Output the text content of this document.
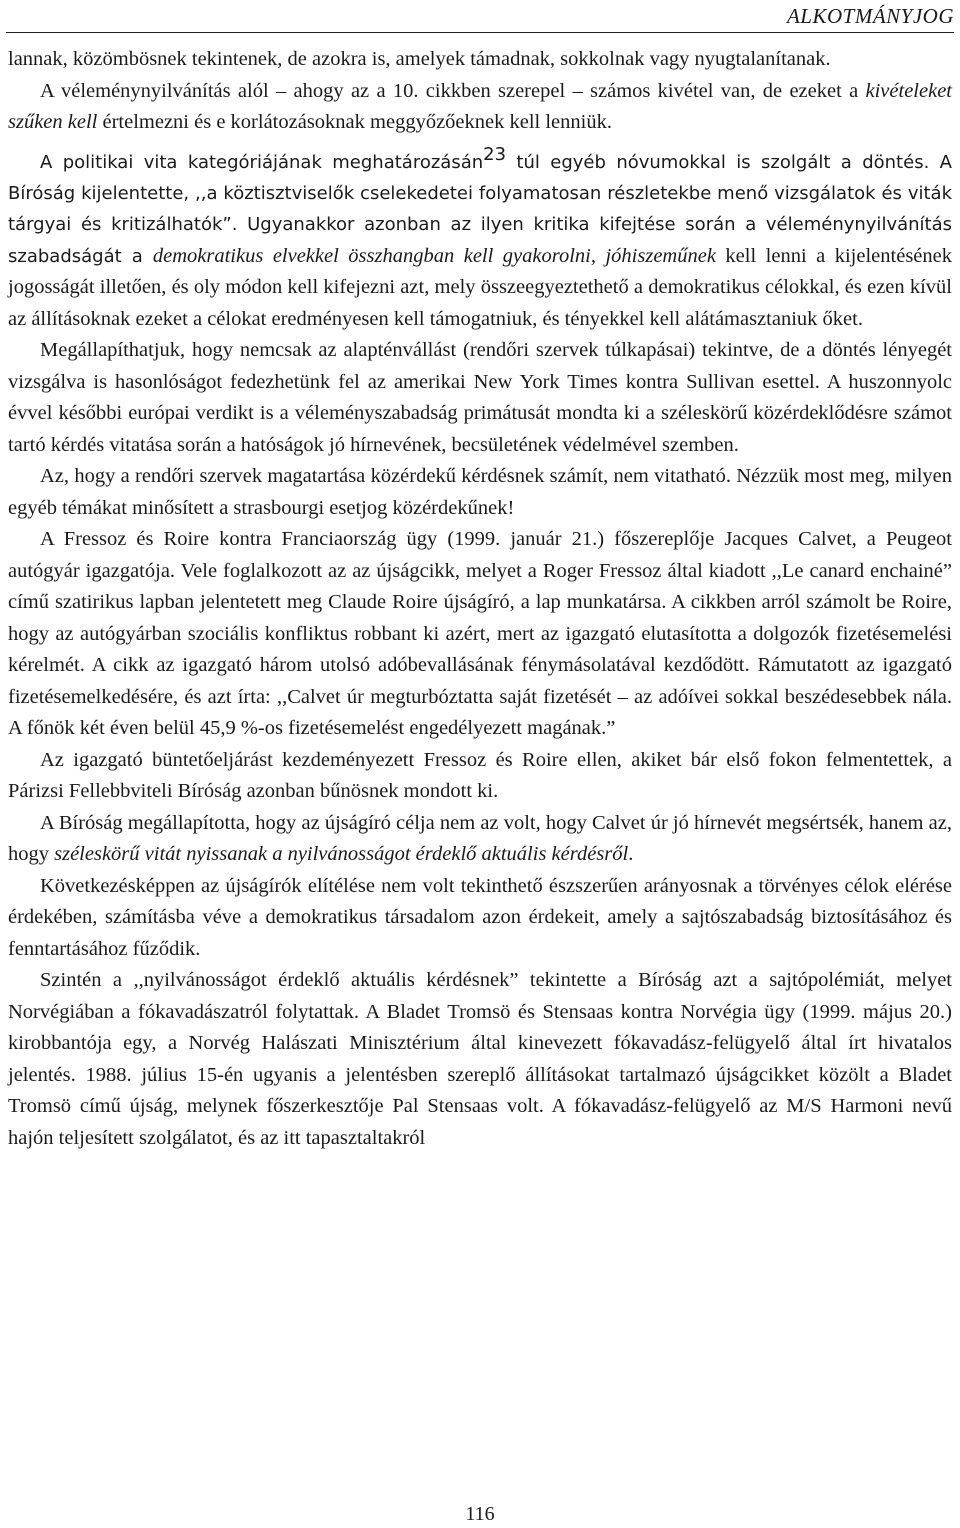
ALKOTMÁNYJOG

lannak, közömbösnek tekintenek, de azokra is, amelyek támadnak, sokkolnak vagy nyugtalanítanak.

A véleménynyilvánítás alól – ahogy az a 10. cikkben szerepel – számos kivétel van, de ezeket a kivételeket szűken kell értelmezni és e korlátozásoknak meggyőzőeknek kell lenniük.

A politikai vita kategóriájának meghatározásán$^{23}$ túl egyéb nóvumokkal is szolgált a döntés. A Bíróság kijelentette, ,,a köztisztviselők cselekedetei folyamatosan részletekbe menő vizsgálatok és viták tárgyai és kritizálhatók”. Ugyanakkor azonban az ilyen kritika kifejtése során a véleménynyilvánítás szabadságát a demokratikus elvekkel összhangban kell gyakorolni, jóhiszeműnek kell lenni a kijelentésének jogosságát illetően, és oly módon kell kifejezni azt, mely összeegyeztethető a demokratikus célokkal, és ezen kívül az állításoknak ezeket a célokat eredményesen kell támogatniuk, és tényekkel kell alátámasztaniuk őket.

Megállapíthatjuk, hogy nemcsak az alapténvállást (rendőri szervek túlkapásai) tekintve, de a döntés lényegét vizsgálva is hasonlóságot fedezhetünk fel az amerikai New York Times kontra Sullivan esettel. A huszonnyolc évvel későbbi európai verdikt is a véleményszabadság primátusát mondta ki a széleskörű közérdeklődésre számot tartó kérdés vitatása során a hatóságok jó hírnevének, becsületének védelmével szemben.

Az, hogy a rendőri szervek magatartása közérdekű kérdésnek számít, nem vitatható. Nézzük most meg, milyen egyéb témákat minősített a strasbourgi esetjog közérdekűnek!

A Fressoz és Roire kontra Franciaország ügy (1999. január 21.) főszereplője Jacques Calvet, a Peugeot autógyár igazgatója. Vele foglalkozott az az újságcikk, melyet a Roger Fressoz által kiadott ,,Le canard enchainé” című szatirikus lapban jelentetett meg Claude Roire újságíró, a lap munkatársa. A cikkben arról számolt be Roire, hogy az autógyárban szociális konfliktus robbant ki azért, mert az igazgató elutasította a dolgozók fizetésemelési kérelmét. A cikk az igazgató három utolsó adóbevallásának fénymásolatával kezdődött. Rámutatott az igazgató fizetésemelkedésére, és azt írta: ,,Calvet úr megturbóztatta saját fizetését – az adóívei sokkal beszédesebbek nála. A főnök két éven belül 45,9 %-os fizetésemelést engedélyezett magának.”

Az igazgató büntetőeljárást kezdeményezett Fressoz és Roire ellen, akiket bár első fokon felmentettek, a Párizsi Fellebbviteli Bíróság azonban bűnösnek mondott ki.

A Bíróság megállapította, hogy az újságíró célja nem az volt, hogy Calvet úr jó hírnevét megsértsék, hanem az, hogy széleskörű vitát nyissanak a nyilvánosságot érdeklő aktuális kérdésről.

Következésképpen az újságírók elítélése nem volt tekinthető észszerűen arányosnak a törvényes célok elérése érdekében, számításba véve a demokratikus társadalom azon érdekeit, amely a sajtószabadság biztosításához és fenntartásához fűződik.

Szintén a ,,nyilvánosságot érdeklő aktuális kérdésnek” tekintette a Bíróság azt a sajtópolémiát, melyet Norvégiában a fókavadászatról folytattak. A Bladet Tromsö és Stensaas kontra Norvégia ügy (1999. május 20.) kirobbantója egy, a Norvég Halászati Minisztérium által kinevezett fókavadász-felügyelő által írt hivatalos jelentés. 1988. július 15-én ugyanis a jelentésben szereplő állításokat tartalmazó újságcikket közölt a Bladet Tromsö című újság, melynek főszerkesztője Pal Stensaas volt. A fókavadász-felügyelő az M/S Harmoni nevű hajón teljesített szolgálatot, és az itt tapasztaltakról

116
